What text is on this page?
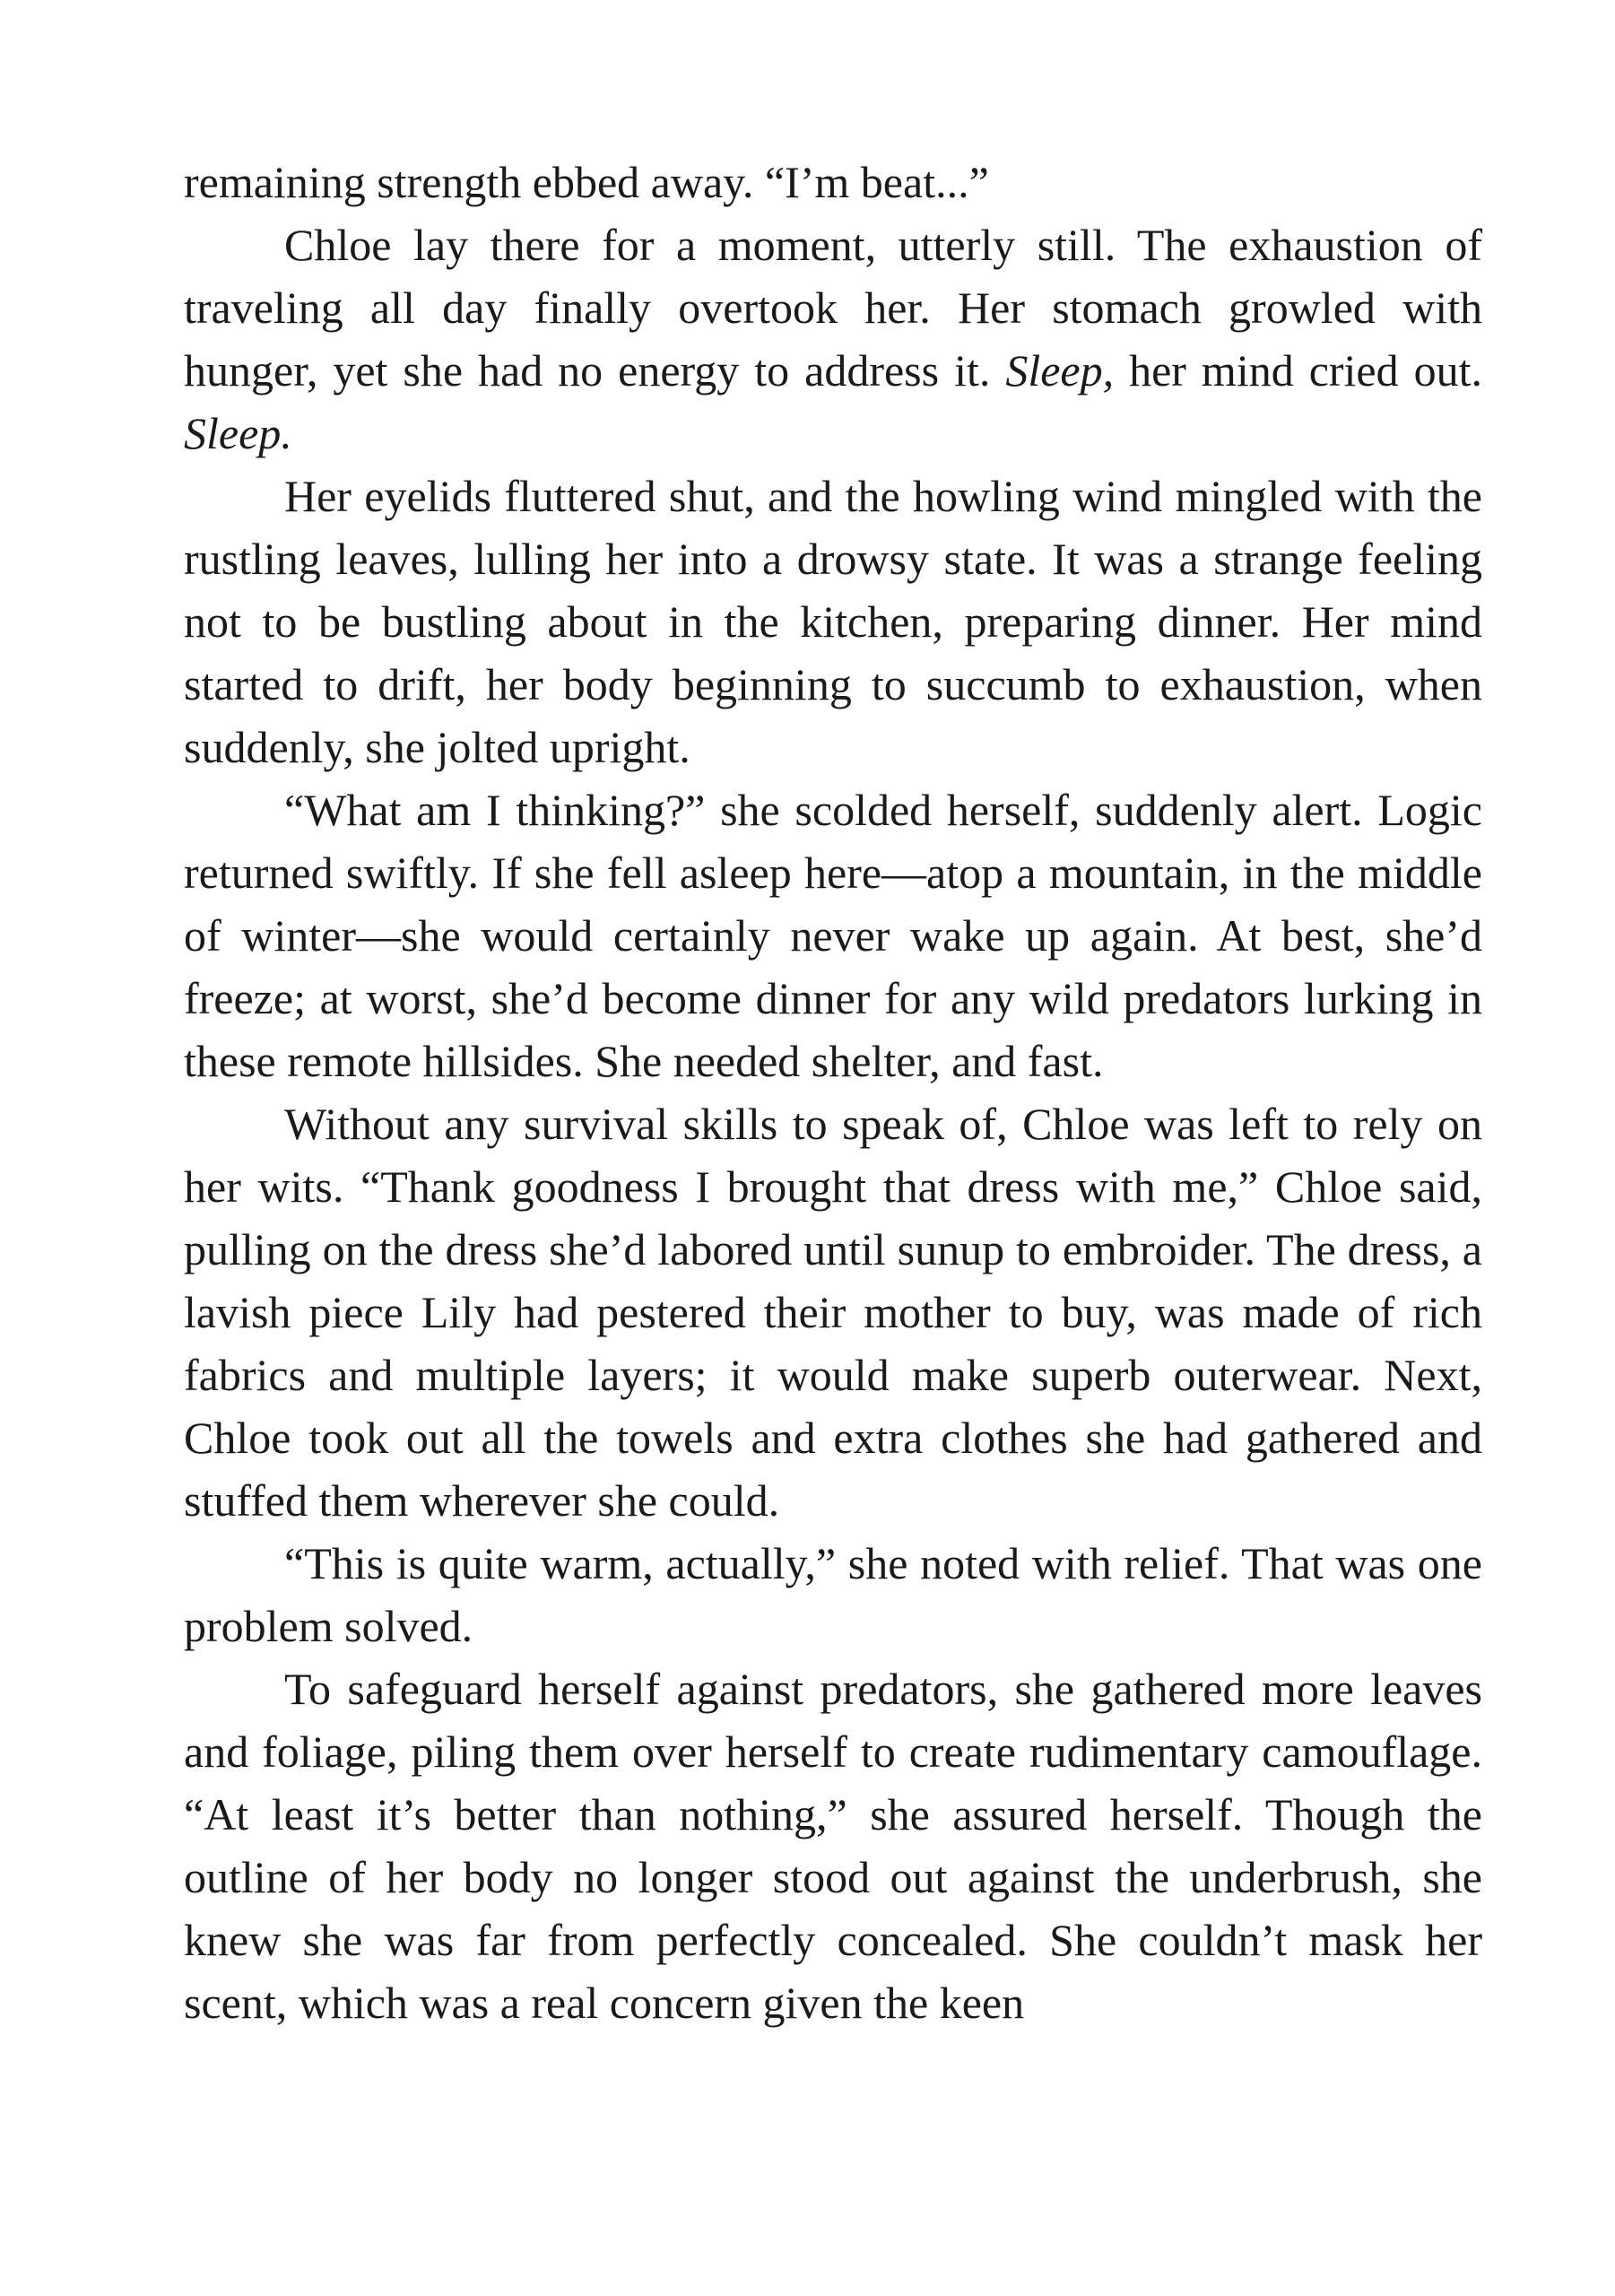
remaining strength ebbed away. “I’m beat...”

Chloe lay there for a moment, utterly still. The exhaustion of traveling all day finally overtook her. Her stomach growled with hunger, yet she had no energy to address it. Sleep, her mind cried out. Sleep.

Her eyelids fluttered shut, and the howling wind mingled with the rustling leaves, lulling her into a drowsy state. It was a strange feeling not to be bustling about in the kitchen, preparing dinner. Her mind started to drift, her body beginning to succumb to exhaustion, when suddenly, she jolted upright.

“What am I thinking?” she scolded herself, suddenly alert. Logic returned swiftly. If she fell asleep here—atop a mountain, in the middle of winter—she would certainly never wake up again. At best, she’d freeze; at worst, she’d become dinner for any wild predators lurking in these remote hillsides. She needed shelter, and fast.

Without any survival skills to speak of, Chloe was left to rely on her wits. “Thank goodness I brought that dress with me,” Chloe said, pulling on the dress she’d labored until sunup to embroider. The dress, a lavish piece Lily had pestered their mother to buy, was made of rich fabrics and multiple layers; it would make superb outerwear. Next, Chloe took out all the towels and extra clothes she had gathered and stuffed them wherever she could.

“This is quite warm, actually,” she noted with relief. That was one problem solved.

To safeguard herself against predators, she gathered more leaves and foliage, piling them over herself to create rudimentary camouflage. “At least it’s better than nothing,” she assured herself. Though the outline of her body no longer stood out against the underbrush, she knew she was far from perfectly concealed. She couldn’t mask her scent, which was a real concern given the keen
